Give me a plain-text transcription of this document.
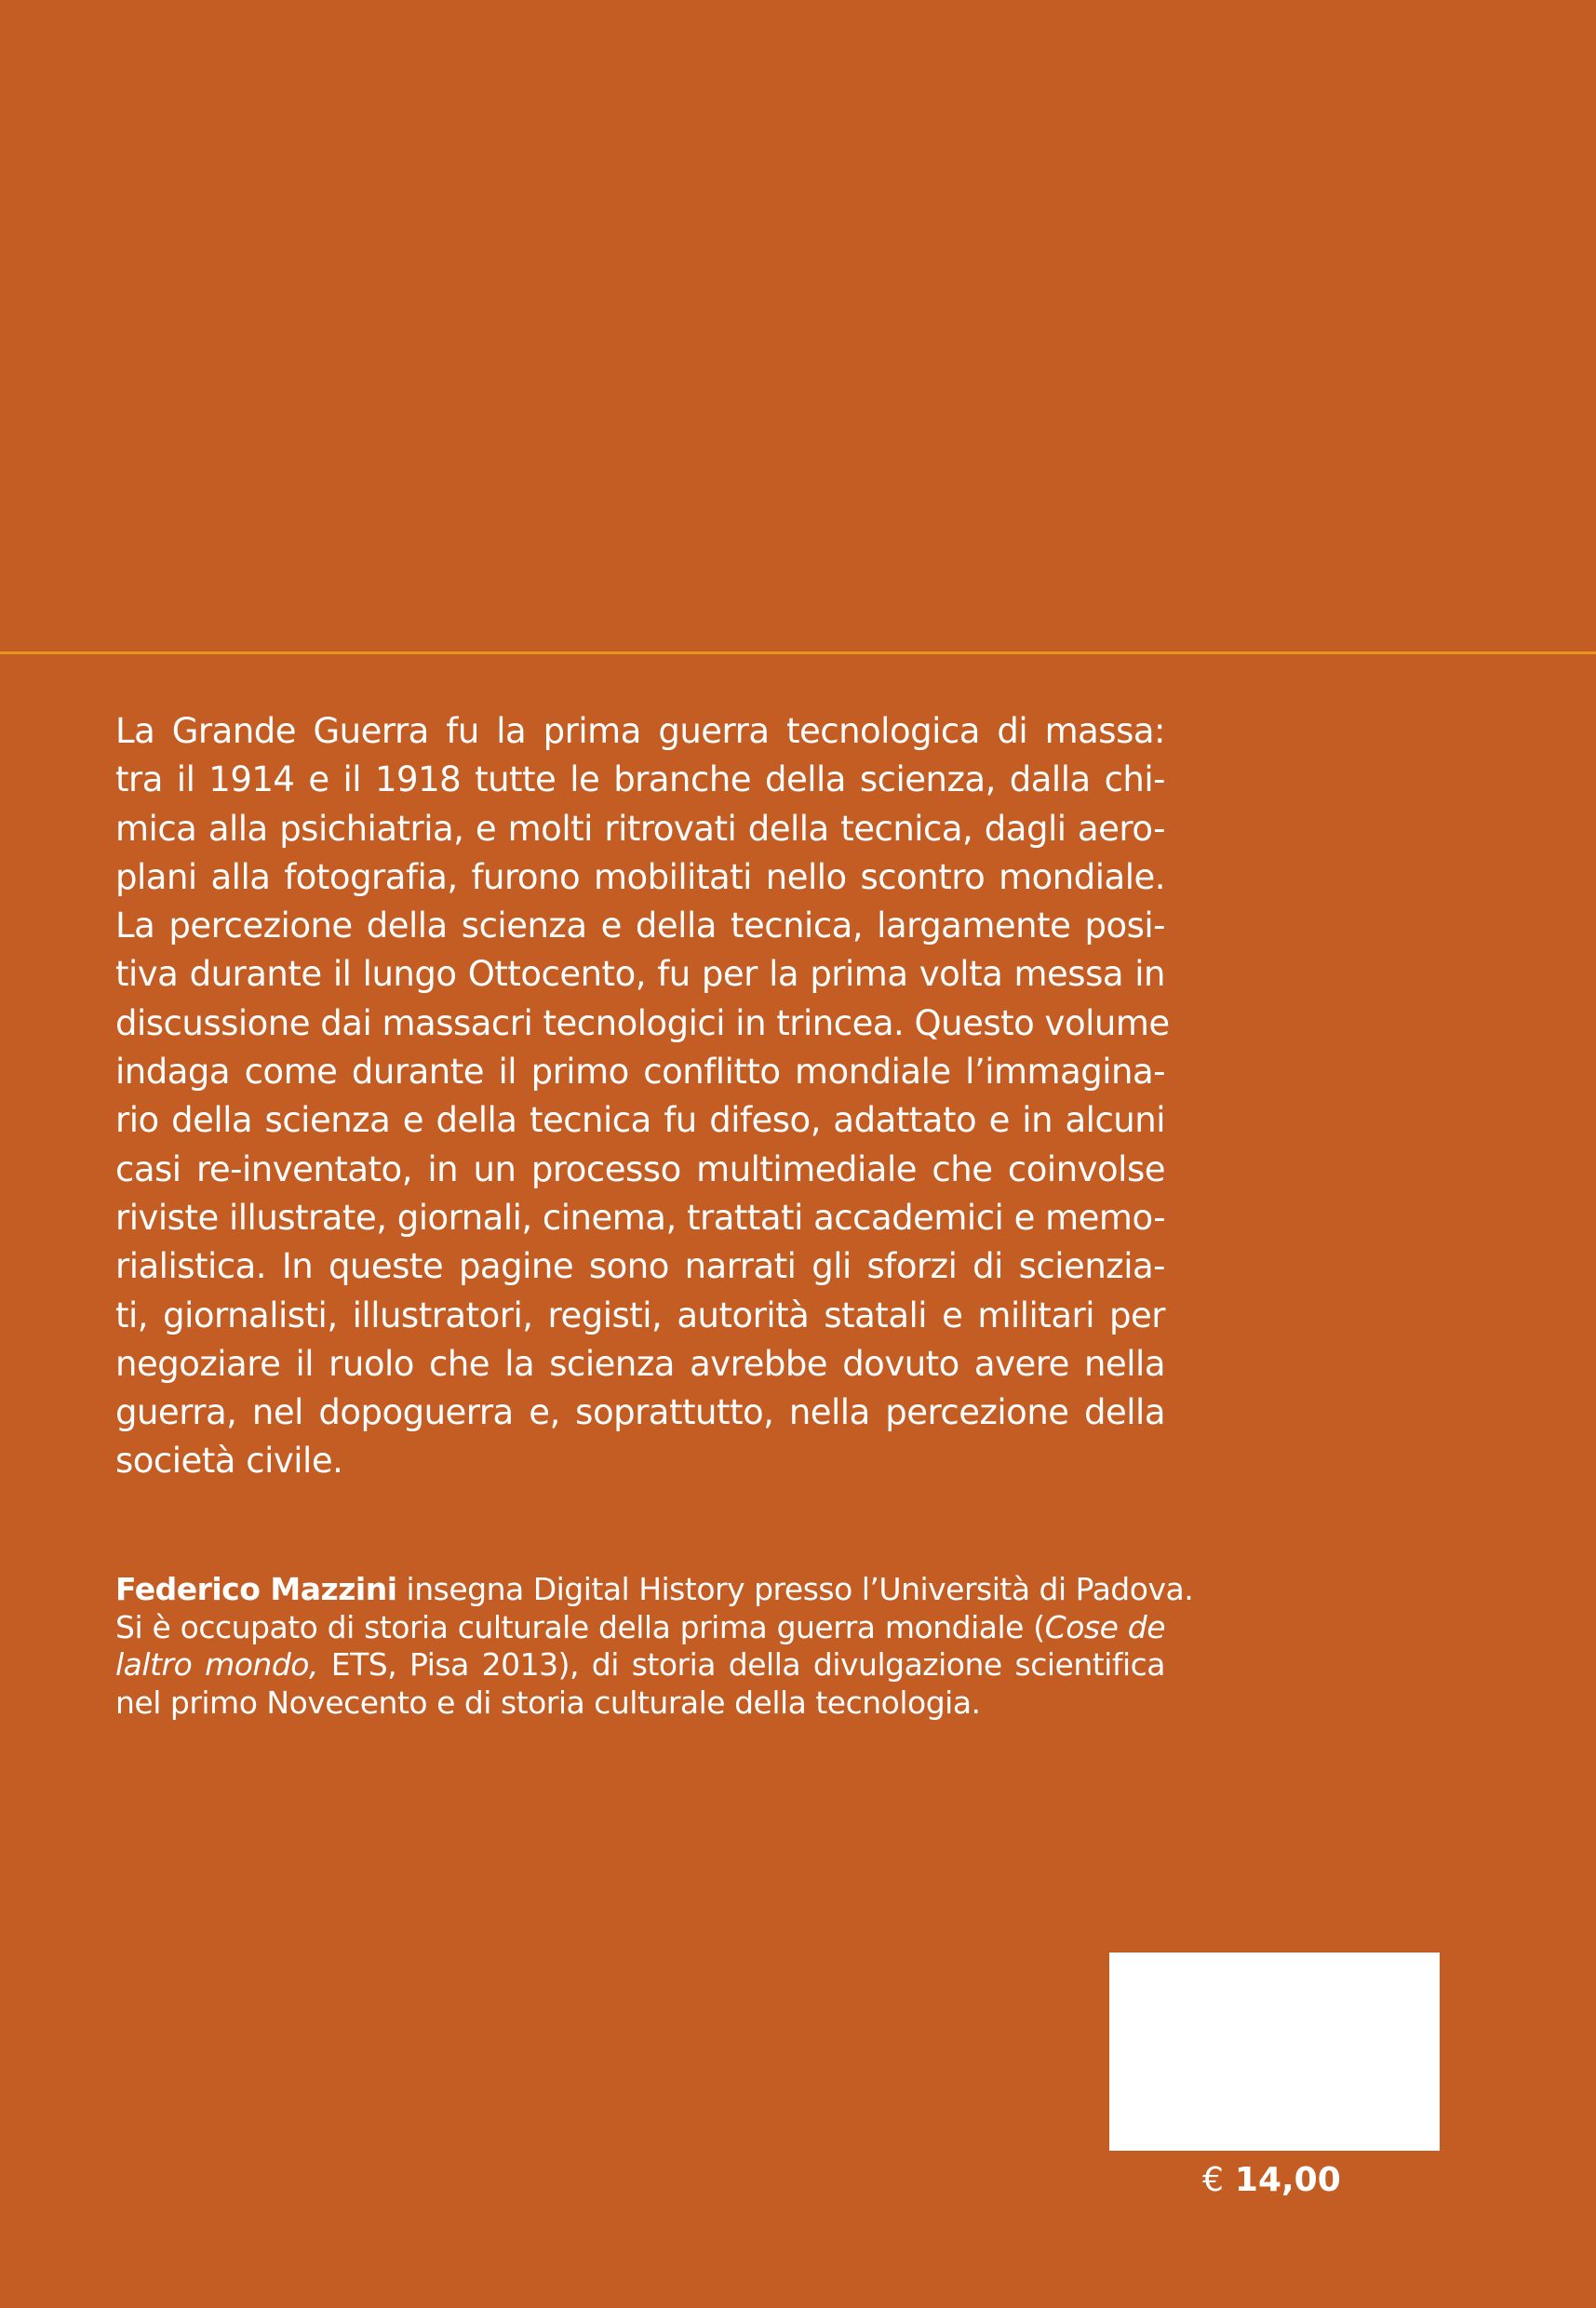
La Grande Guerra fu la prima guerra tecnologica di massa:
tra il 1914 e il 1918 tutte le branche della scienza, dalla chi-
mica alla psichiatria, e molti ritrovati della tecnica, dagli aero-
plani alla fotografia, furono mobilitati nello scontro mondiale.
La percezione della scienza e della tecnica, largamente posi-
tiva durante il lungo Ottocento, fu per la prima volta messa in
discussione dai massacri tecnologici in trincea. Questo volume
indaga come durante il primo conflitto mondiale l’immagina-
rio della scienza e della tecnica fu difeso, adattato e in alcuni
casi re-inventato, in un processo multimediale che coinvolse
riviste illustrate, giornali, cinema, trattati accademici e memo-
rialistica. In queste pagine sono narrati gli sforzi di scienzia-
ti, giornalisti, illustratori, registi, autorità statali e militari per
negoziare il ruolo che la scienza avrebbe dovuto avere nella
guerra, nel dopoguerra e, soprattutto, nella percezione della
società civile.
Federico Mazzini insegna Digital History presso l’Università di Padova.
Si è occupato di storia culturale della prima guerra mondiale (Cose de
laltro mondo, ETS, Pisa 2013), di storia della divulgazione scientifica
nel primo Novecento e di storia culturale della tecnologia.
€ 14,00
